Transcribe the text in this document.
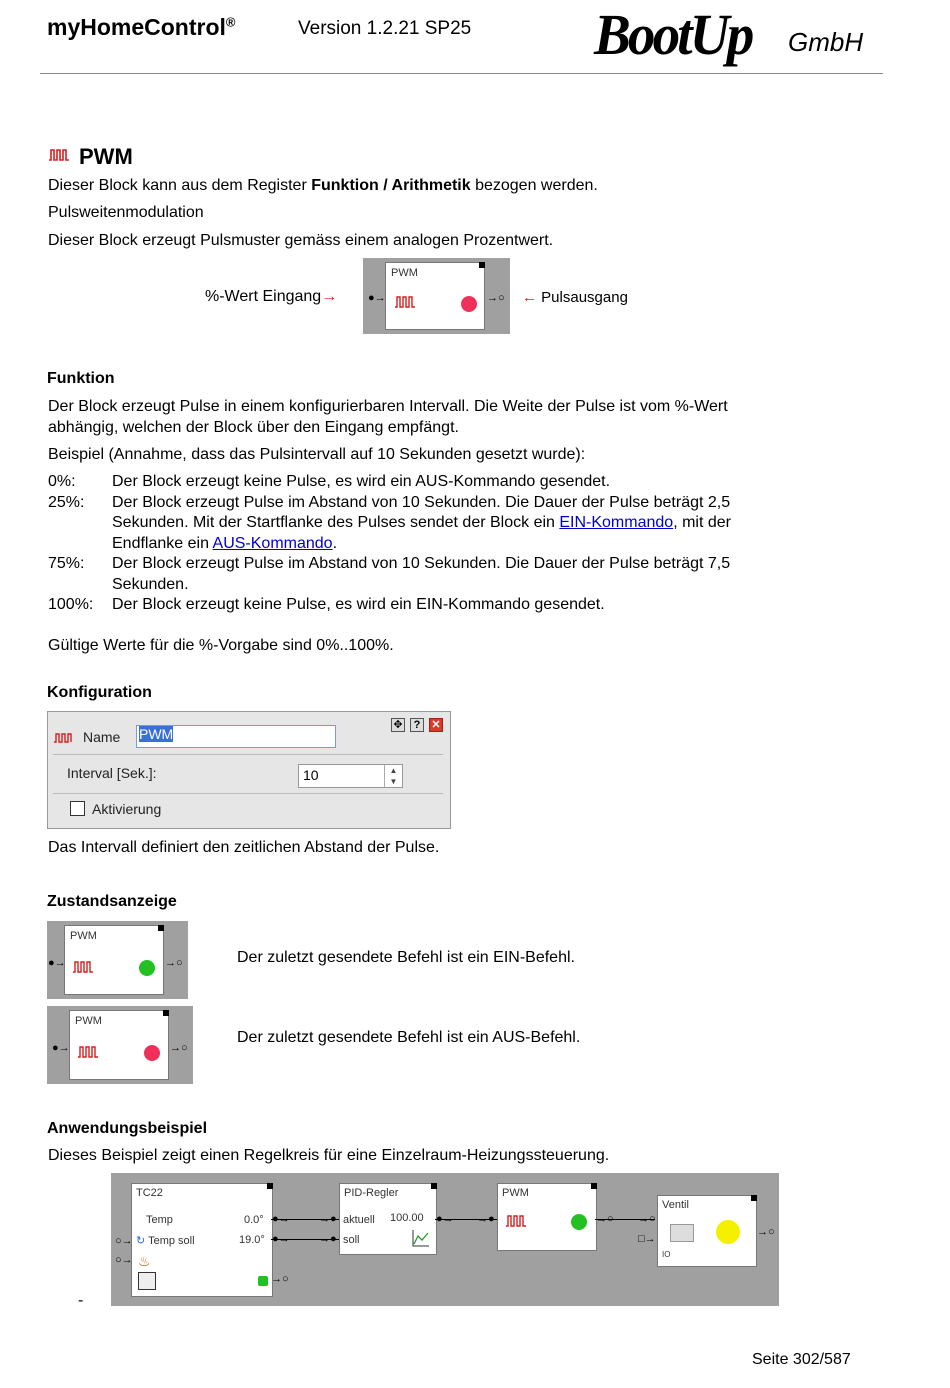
myHomeControl®	Version 1.2.21 SP25 BootUp GmbH
PWM
Dieser Block kann aus dem Register Funktion / Arithmetik bezogen werden.
Pulsweitenmodulation
Dieser Block erzeugt Pulsmuster gemäss einem analogen Prozentwert.
%-Wert Eingang→
PWM
●→	→○ ← Pulsausgang
Funktion
Der Block erzeugt Pulse in einem konfigurierbaren Intervall. Die Weite der Pulse ist vom %-Wert
abhängig, welchen der Block über den Eingang empfängt.
Beispiel (Annahme, dass das Pulsintervall auf 10 Sekunden gesetzt wurde):
0%: Der Block erzeugt keine Pulse, es wird ein AUS-Kommando gesendet.
25%: Der Block erzeugt Pulse im Abstand von 10 Sekunden. Die Dauer der Pulse beträgt 2,5
Sekunden. Mit der Startflanke des Pulses sendet der Block ein EIN-Kommando, mit der
Endflanke ein AUS-Kommando.
75%: Der Block erzeugt Pulse im Abstand von 10 Sekunden. Die Dauer der Pulse beträgt 7,5
Sekunden.
100%: Der Block erzeugt keine Pulse, es wird ein EIN-Kommando gesendet.
Gültige Werte für die %-Vorgabe sind 0%..100%.
Konfiguration
Name PWM
✥	?	✕
Interval [Sek.]:	10	▲
▼
Aktivierung
Das Intervall definiert den zeitlichen Abstand der Pulse.
Zustandsanzeige
PWM
●→	→○	Der zuletzt gesendete Befehl ist ein EIN-Befehl.
PWM
●→	→○
Der zuletzt gesendete Befehl ist ein AUS-Befehl.
Anwendungsbeispiel
Dieses Beispiel zeigt einen Regelkreis für eine Einzelraum-Heizungssteuerung.
TC22
Temp	0.0°
↻ Temp soll	19.0°
♨
○→
○→
→○
●→	→●
●→	→●
PID-Regler
aktuell 100.00
soll
●→ →●
PWM
→○ →○
□→
Ventil
IO
→○
-
Seite 302/587
